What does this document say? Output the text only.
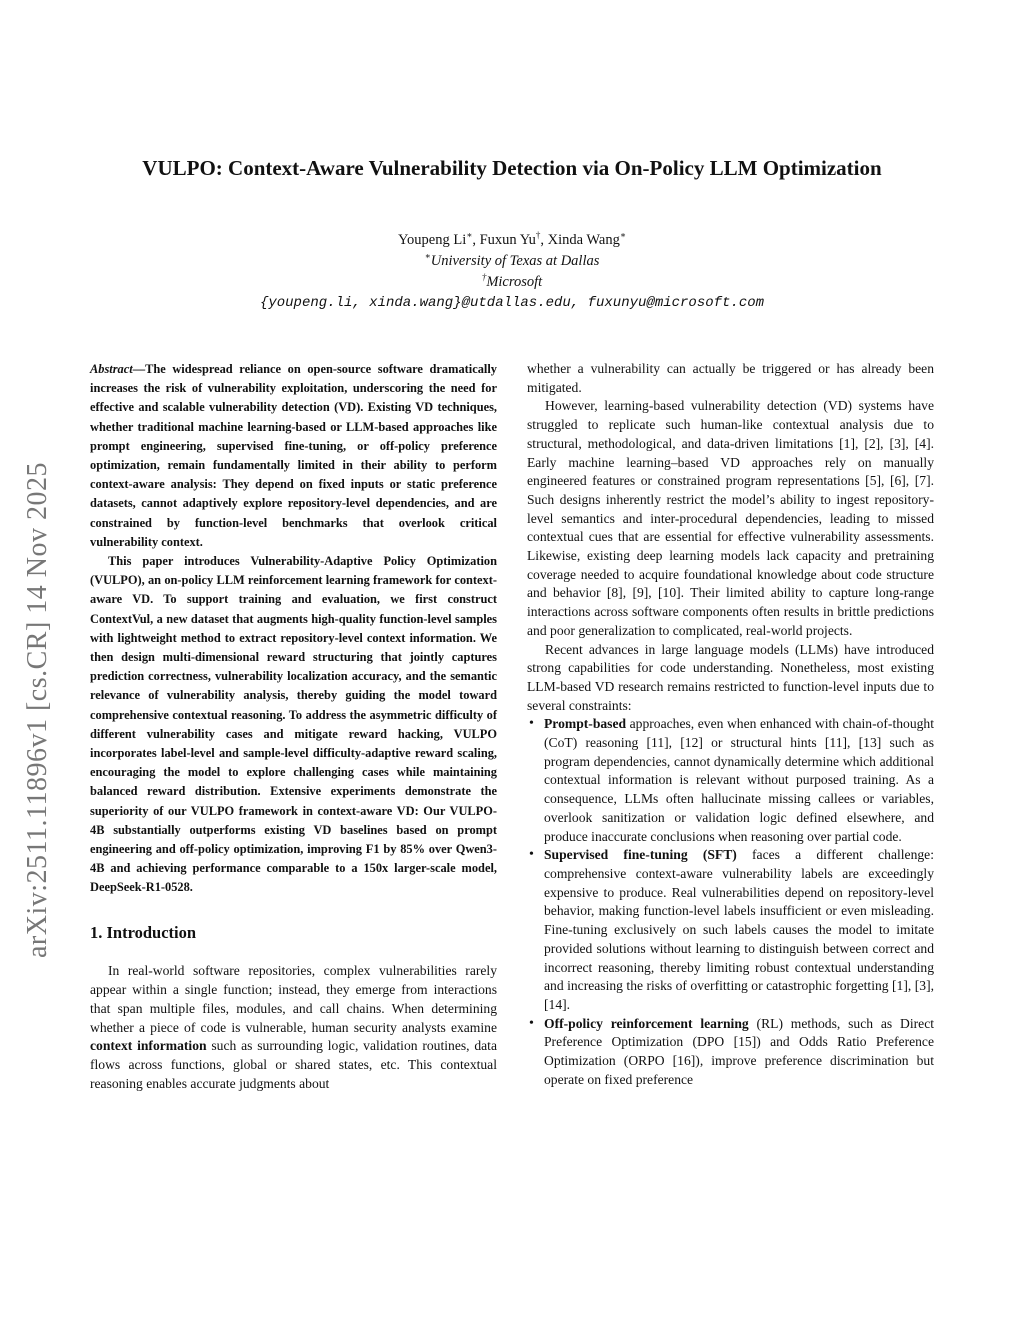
arXiv:2511.11896v1 [cs.CR] 14 Nov 2025
VULPO: Context-Aware Vulnerability Detection via On-Policy LLM Optimization
Youpeng Li∗, Fuxun Yu†, Xinda Wang∗
∗University of Texas at Dallas
†Microsoft
{youpeng.li, xinda.wang}@utdallas.edu, fuxunyu@microsoft.com

Abstract—The widespread reliance on open-source software dramatically increases the risk of vulnerability exploitation, underscoring the need for effective and scalable vulnerability detection (VD). Existing VD techniques, whether traditional machine learning-based or LLM-based approaches like prompt engineering, supervised fine-tuning, or off-policy preference optimization, remain fundamentally limited in their ability to perform context-aware analysis: They depend on fixed inputs or static preference datasets, cannot adaptively explore repository-level dependencies, and are constrained by function-level benchmarks that overlook critical vulnerability context.

This paper introduces Vulnerability-Adaptive Policy Optimization (VULPO), an on-policy LLM reinforcement learning framework for context-aware VD. To support training and evaluation, we first construct ContextVul, a new dataset that augments high-quality function-level samples with lightweight method to extract repository-level context information. We then design multi-dimensional reward structuring that jointly captures prediction correctness, vulnerability localization accuracy, and the semantic relevance of vulnerability analysis, thereby guiding the model toward comprehensive contextual reasoning. To address the asymmetric difficulty of different vulnerability cases and mitigate reward hacking, VULPO incorporates label-level and sample-level difficulty-adaptive reward scaling, encouraging the model to explore challenging cases while maintaining balanced reward distribution. Extensive experiments demonstrate the superiority of our VULPO framework in context-aware VD: Our VULPO-4B substantially outperforms existing VD baselines based on prompt engineering and off-policy optimization, improving F1 by 85% over Qwen3-4B and achieving performance comparable to a 150x larger-scale model, DeepSeek-R1-0528.

1. Introduction

In real-world software repositories, complex vulnerabilities rarely appear within a single function; instead, they emerge from interactions that span multiple files, modules, and call chains. When determining whether a piece of code is vulnerable, human security analysts examine context information such as surrounding logic, validation routines, data flows across functions, global or shared states, etc. This contextual reasoning enables accurate judgments about

whether a vulnerability can actually be triggered or has already been mitigated.

However, learning-based vulnerability detection (VD) systems have struggled to replicate such human-like contextual analysis due to structural, methodological, and data-driven limitations [1], [2], [3], [4]. Early machine learning–based VD approaches rely on manually engineered features or constrained program representations [5], [6], [7]. Such designs inherently restrict the model’s ability to ingest repository-level semantics and inter-procedural dependencies, leading to missed contextual cues that are essential for effective vulnerability assessments. Likewise, existing deep learning models lack capacity and pretraining coverage needed to acquire foundational knowledge about code structure and behavior [8], [9], [10]. Their limited ability to capture long-range interactions across software components often results in brittle predictions and poor generalization to complicated, real-world projects.

Recent advances in large language models (LLMs) have introduced strong capabilities for code understanding. Nonetheless, most existing LLM-based VD research remains restricted to function-level inputs due to several constraints:

• Prompt-based approaches, even when enhanced with chain-of-thought (CoT) reasoning [11], [12] or structural hints [11], [13] such as program dependencies, cannot dynamically determine which additional contextual information is relevant without purposed training. As a consequence, LLMs often hallucinate missing callees or variables, overlook sanitization or validation logic defined elsewhere, and produce inaccurate conclusions when reasoning over partial code.
• Supervised fine-tuning (SFT) faces a different challenge: comprehensive context-aware vulnerability labels are exceedingly expensive to produce. Real vulnerabilities depend on repository-level behavior, making function-level labels insufficient or even misleading. Fine-tuning exclusively on such labels causes the model to imitate provided solutions without learning to distinguish between correct and incorrect reasoning, thereby limiting robust contextual understanding and increasing the risks of overfitting or catastrophic forgetting [1], [3], [14].
• Off-policy reinforcement learning (RL) methods, such as Direct Preference Optimization (DPO [15]) and Odds Ratio Preference Optimization (ORPO [16]), improve preference discrimination but operate on fixed preference
